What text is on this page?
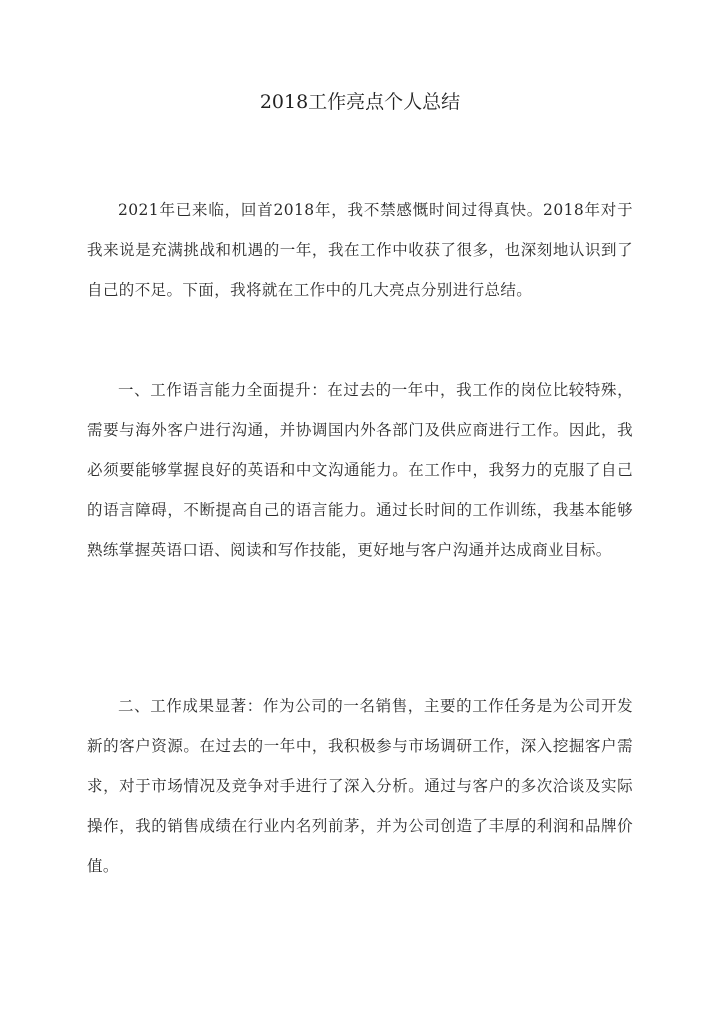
2018工作亮点个人总结

2021年已来临，回首2018年，我不禁感慨时间过得真快。2018年对于我来说是充满挑战和机遇的一年，我在工作中收获了很多，也深刻地认识到了自己的不足。下面，我将就在工作中的几大亮点分别进行总结。

一、工作语言能力全面提升：在过去的一年中，我工作的岗位比较特殊，需要与海外客户进行沟通，并协调国内外各部门及供应商进行工作。因此，我必须要能够掌握良好的英语和中文沟通能力。在工作中，我努力的克服了自己的语言障碍，不断提高自己的语言能力。通过长时间的工作训练，我基本能够熟练掌握英语口语、阅读和写作技能，更好地与客户沟通并达成商业目标。

二、工作成果显著：作为公司的一名销售，主要的工作任务是为公司开发新的客户资源。在过去的一年中，我积极参与市场调研工作，深入挖掘客户需求，对于市场情况及竞争对手进行了深入分析。通过与客户的多次洽谈及实际操作，我的销售成绩在行业内名列前茅，并为公司创造了丰厚的利润和品牌价值。
